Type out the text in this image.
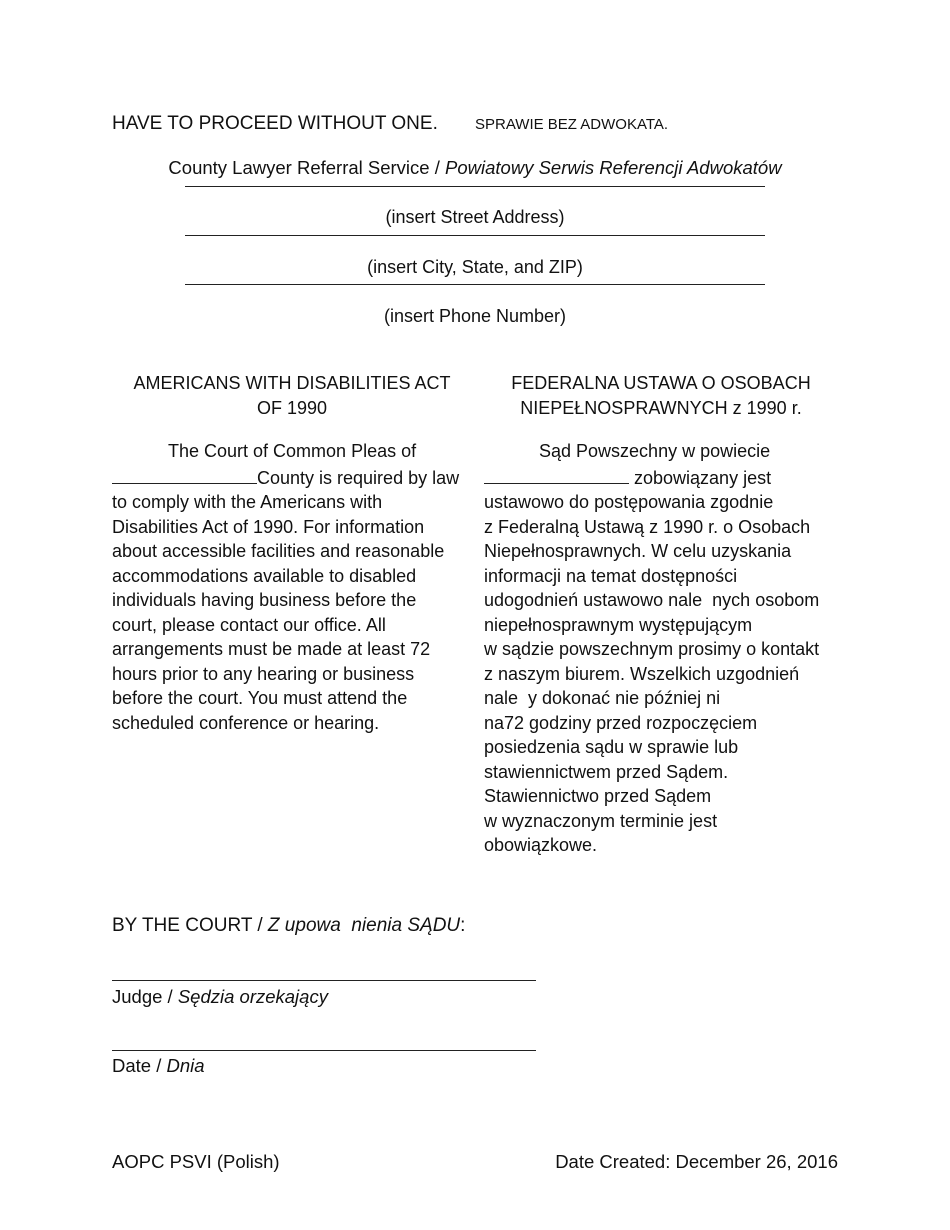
HAVE TO PROCEED WITHOUT ONE. SPRAWIE BEZ ADWOKATA.
County Lawyer Referral Service / Powiatowy Serwis Referencji Adwokatów
(insert Street Address)
(insert City, State, and ZIP)
(insert Phone Number)
AMERICANS WITH DISABILITIES ACT
OF 1990
FEDERALNA USTAWA O OSOBACH
NIEPEŁNOSPRAWNYCH z 1990 r.
The Court of Common Pleas of
County is required by law
to comply with the Americans with
Disabilities Act of 1990. For information
about accessible facilities and reasonable
accommodations available to disabled
individuals having business before the
court, please contact our office. All
arrangements must be made at least 72
hours prior to any hearing or business
before the court. You must attend the
scheduled conference or hearing.
Sąd Powszechny w powiecie
zobowiązany jest
ustawowo do postępowania zgodnie
z Federalną Ustawą z 1990 r. o Osobach
Niepełnosprawnych. W celu uzyskania
informacji na temat dostępności
udogodnień ustawowo nale  nych osobom
niepełnosprawnym występującym
w sądzie powszechnym prosimy o kontakt
z naszym biurem. Wszelkich uzgodnień
nale  y dokonać nie później ni
na72 godziny przed rozpoczęciem
posiedzenia sądu w sprawie lub
stawiennictwem przed Sądem.
Stawiennictwo przed Sądem
w wyznaczonym terminie jest
obowiązkowe.
BY THE COURT / Z upowa  nienia SĄDU:
Judge / Sędzia orzekający
Date / Dnia
AOPC PSVI (Polish)	Date Created: December 26, 2016
